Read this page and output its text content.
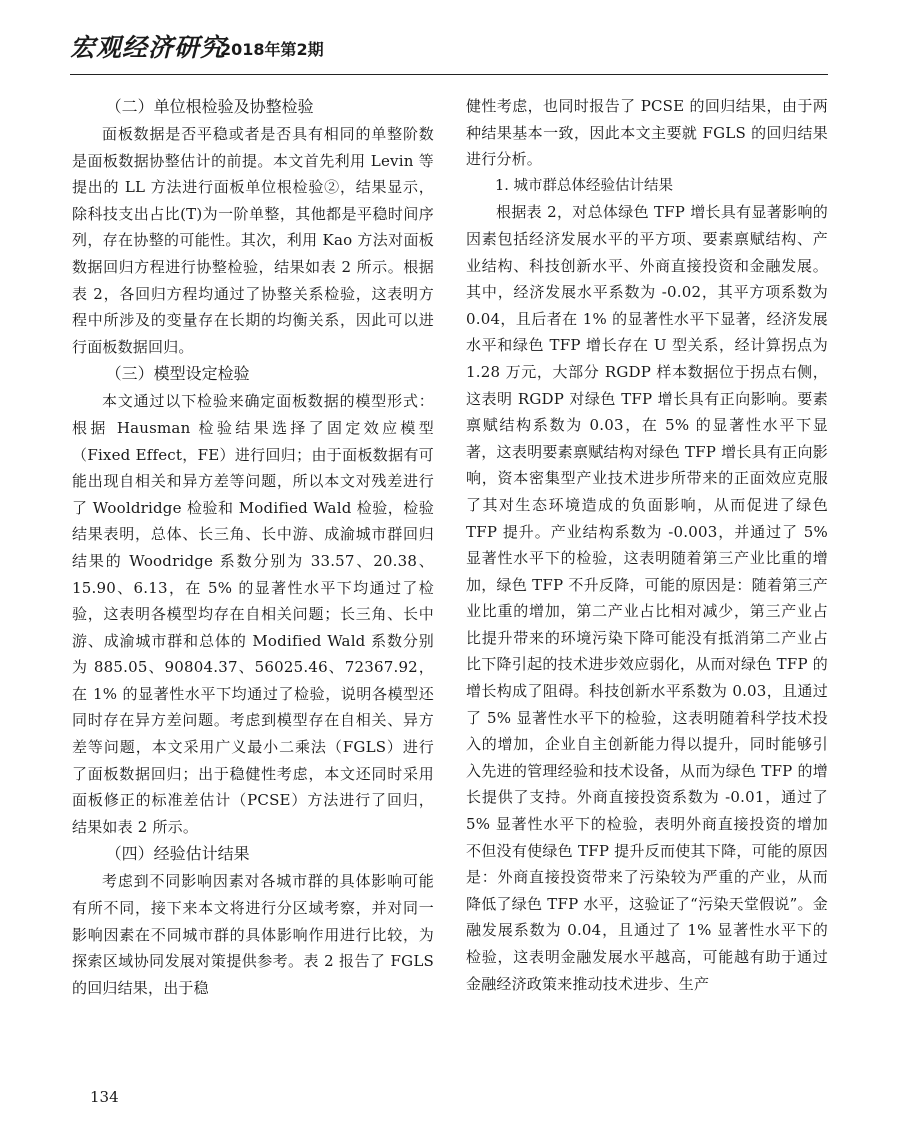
宏观经济研究
2018年第2期
（二）单位根检验及协整检验

面板数据是否平稳或者是否具有相同的单整阶数是面板数据协整估计的前提。本文首先利用 Levin 等提出的 LL 方法进行面板单位根检验②，结果显示，除科技支出占比(T)为一阶单整，其他都是平稳时间序列，存在协整的可能性。其次，利用 Kao 方法对面板数据回归方程进行协整检验，结果如表 2 所示。根据表 2，各回归方程均通过了协整关系检验，这表明方程中所涉及的变量存在长期的均衡关系，因此可以进行面板数据回归。

（三）模型设定检验

本文通过以下检验来确定面板数据的模型形式：根据 Hausman 检验结果选择了固定效应模型（Fixed Effect，FE）进行回归；由于面板数据有可能出现自相关和异方差等问题，所以本文对残差进行了 Wooldridge 检验和 Modified Wald 检验，检验结果表明，总体、长三角、长中游、成渝城市群回归结果的 Woodridge 系数分别为 33.57、20.38、15.90、6.13，在 5% 的显著性水平下均通过了检验，这表明各模型均存在自相关问题；长三角、长中游、成渝城市群和总体的 Modified Wald 系数分别为 885.05、90804.37、56025.46、72367.92，在 1% 的显著性水平下均通过了检验，说明各模型还同时存在异方差问题。考虑到模型存在自相关、异方差等问题，本文采用广义最小二乘法（FGLS）进行了面板数据回归；出于稳健性考虑，本文还同时采用面板修正的标准差估计（PCSE）方法进行了回归，结果如表 2 所示。

（四）经验估计结果

考虑到不同影响因素对各城市群的具体影响可能有所不同，接下来本文将进行分区域考察，并对同一影响因素在不同城市群的具体影响作用进行比较，为探索区域协同发展对策提供参考。表 2 报告了 FGLS 的回归结果，出于稳

健性考虑，也同时报告了 PCSE 的回归结果，由于两种结果基本一致，因此本文主要就 FGLS 的回归结果进行分析。

1. 城市群总体经验估计结果

根据表 2，对总体绿色 TFP 增长具有显著影响的因素包括经济发展水平的平方项、要素禀赋结构、产业结构、科技创新水平、外商直接投资和金融发展。其中，经济发展水平系数为 -0.02，其平方项系数为 0.04，且后者在 1% 的显著性水平下显著，经济发展水平和绿色 TFP 增长存在 U 型关系，经计算拐点为 1.28 万元，大部分 RGDP 样本数据位于拐点右侧，这表明 RGDP 对绿色 TFP 增长具有正向影响。要素禀赋结构系数为 0.03，在 5% 的显著性水平下显著，这表明要素禀赋结构对绿色 TFP 增长具有正向影响，资本密集型产业技术进步所带来的正面效应克服了其对生态环境造成的负面影响，从而促进了绿色 TFP 提升。产业结构系数为 -0.003，并通过了 5% 显著性水平下的检验，这表明随着第三产业比重的增加，绿色 TFP 不升反降，可能的原因是：随着第三产业比重的增加，第二产业占比相对减少，第三产业占比提升带来的环境污染下降可能没有抵消第二产业占比下降引起的技术进步效应弱化，从而对绿色 TFP 的增长构成了阻碍。科技创新水平系数为 0.03，且通过了 5% 显著性水平下的检验，这表明随着科学技术投入的增加，企业自主创新能力得以提升，同时能够引入先进的管理经验和技术设备，从而为绿色 TFP 的增长提供了支持。外商直接投资系数为 -0.01，通过了 5% 显著性水平下的检验，表明外商直接投资的增加不但没有使绿色 TFP 提升反而使其下降，可能的原因是：外商直接投资带来了污染较为严重的产业，从而降低了绿色 TFP 水平，这验证了“污染天堂假说”。金融发展系数为 0.04，且通过了 1% 显著性水平下的检验，这表明金融发展水平越高，可能越有助于通过金融经济政策来推动技术进步、生产

134
